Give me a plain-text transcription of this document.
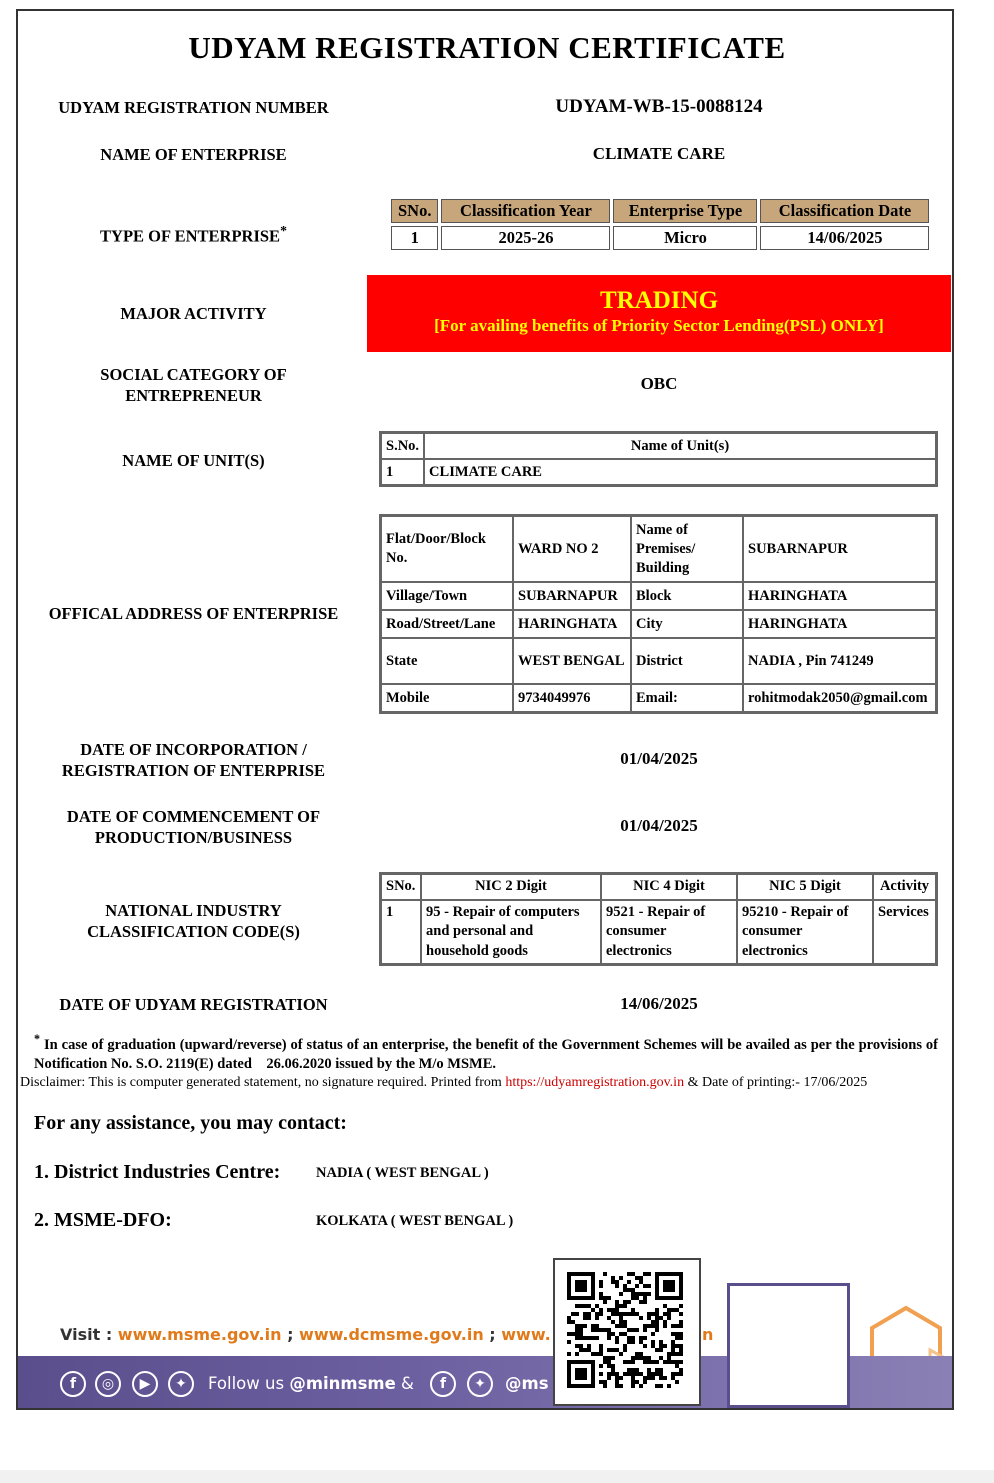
UDYAM REGISTRATION CERTIFICATE
UDYAM REGISTRATION NUMBER	UDYAM-WB-15-0088124
NAME OF ENTERPRISE	CLIMATE CARE
TYPE OF ENTERPRISE*
SNo.	Classification Year	Enterprise Type	Classification Date

1	2025-26	Micro	14/06/2025
MAJOR ACTIVITY	TRADING
[For availing benefits of Priority Sector Lending(PSL) ONLY]
SOCIAL CATEGORY OF
ENTREPRENEUR
OBC
NAME OF UNIT(S)
S.No.	Name of Unit(s)
1	CLIMATE CARE
OFFICAL ADDRESS OF ENTERPRISE
Flat/Door/Block No.	WARD NO 2	Name of Premises/ Building	SUBARNAPUR
Village/Town	SUBARNAPUR	Block	HARINGHATA
Road/Street/Lane	HARINGHATA	City	HARINGHATA
State	WEST BENGAL	District	NADIA , Pin 741249
Mobile	9734049976	Email:	rohitmodak2050@gmail.com
DATE OF INCORPORATION /
REGISTRATION OF ENTERPRISE
01/04/2025
DATE OF COMMENCEMENT OF
PRODUCTION/BUSINESS
01/04/2025
NATIONAL INDUSTRY
CLASSIFICATION CODE(S)
SNo.	NIC 2 Digit	NIC 4 Digit	NIC 5 Digit	Activity
1	95 - Repair of computers and personal and household goods	9521 - Repair of consumer electronics	95210 - Repair of consumer electronics	Services
DATE OF UDYAM REGISTRATION	14/06/2025
* In case of graduation (upward/reverse) of status of an enterprise, the benefit of the Government Schemes will be availed as per the provisions of Notification No. S.O. 2119(E) dated    26.06.2020 issued by the M/o MSME.
Disclaimer: This is computer generated statement, no signature required. Printed from https://udyamregistration.gov.in & Date of printing:- 17/06/2025
For any assistance, you may contact:
1. District Industries Centre: NADIA ( WEST BENGAL )
2. MSME-DFO:	KOLKATA ( WEST BENGAL )
Visit : www.msme.gov.in ; www.dcmsme.gov.in ; www.	n
f	◎	▶	✦	Follow us @minmsme &	f	✦	@ms
